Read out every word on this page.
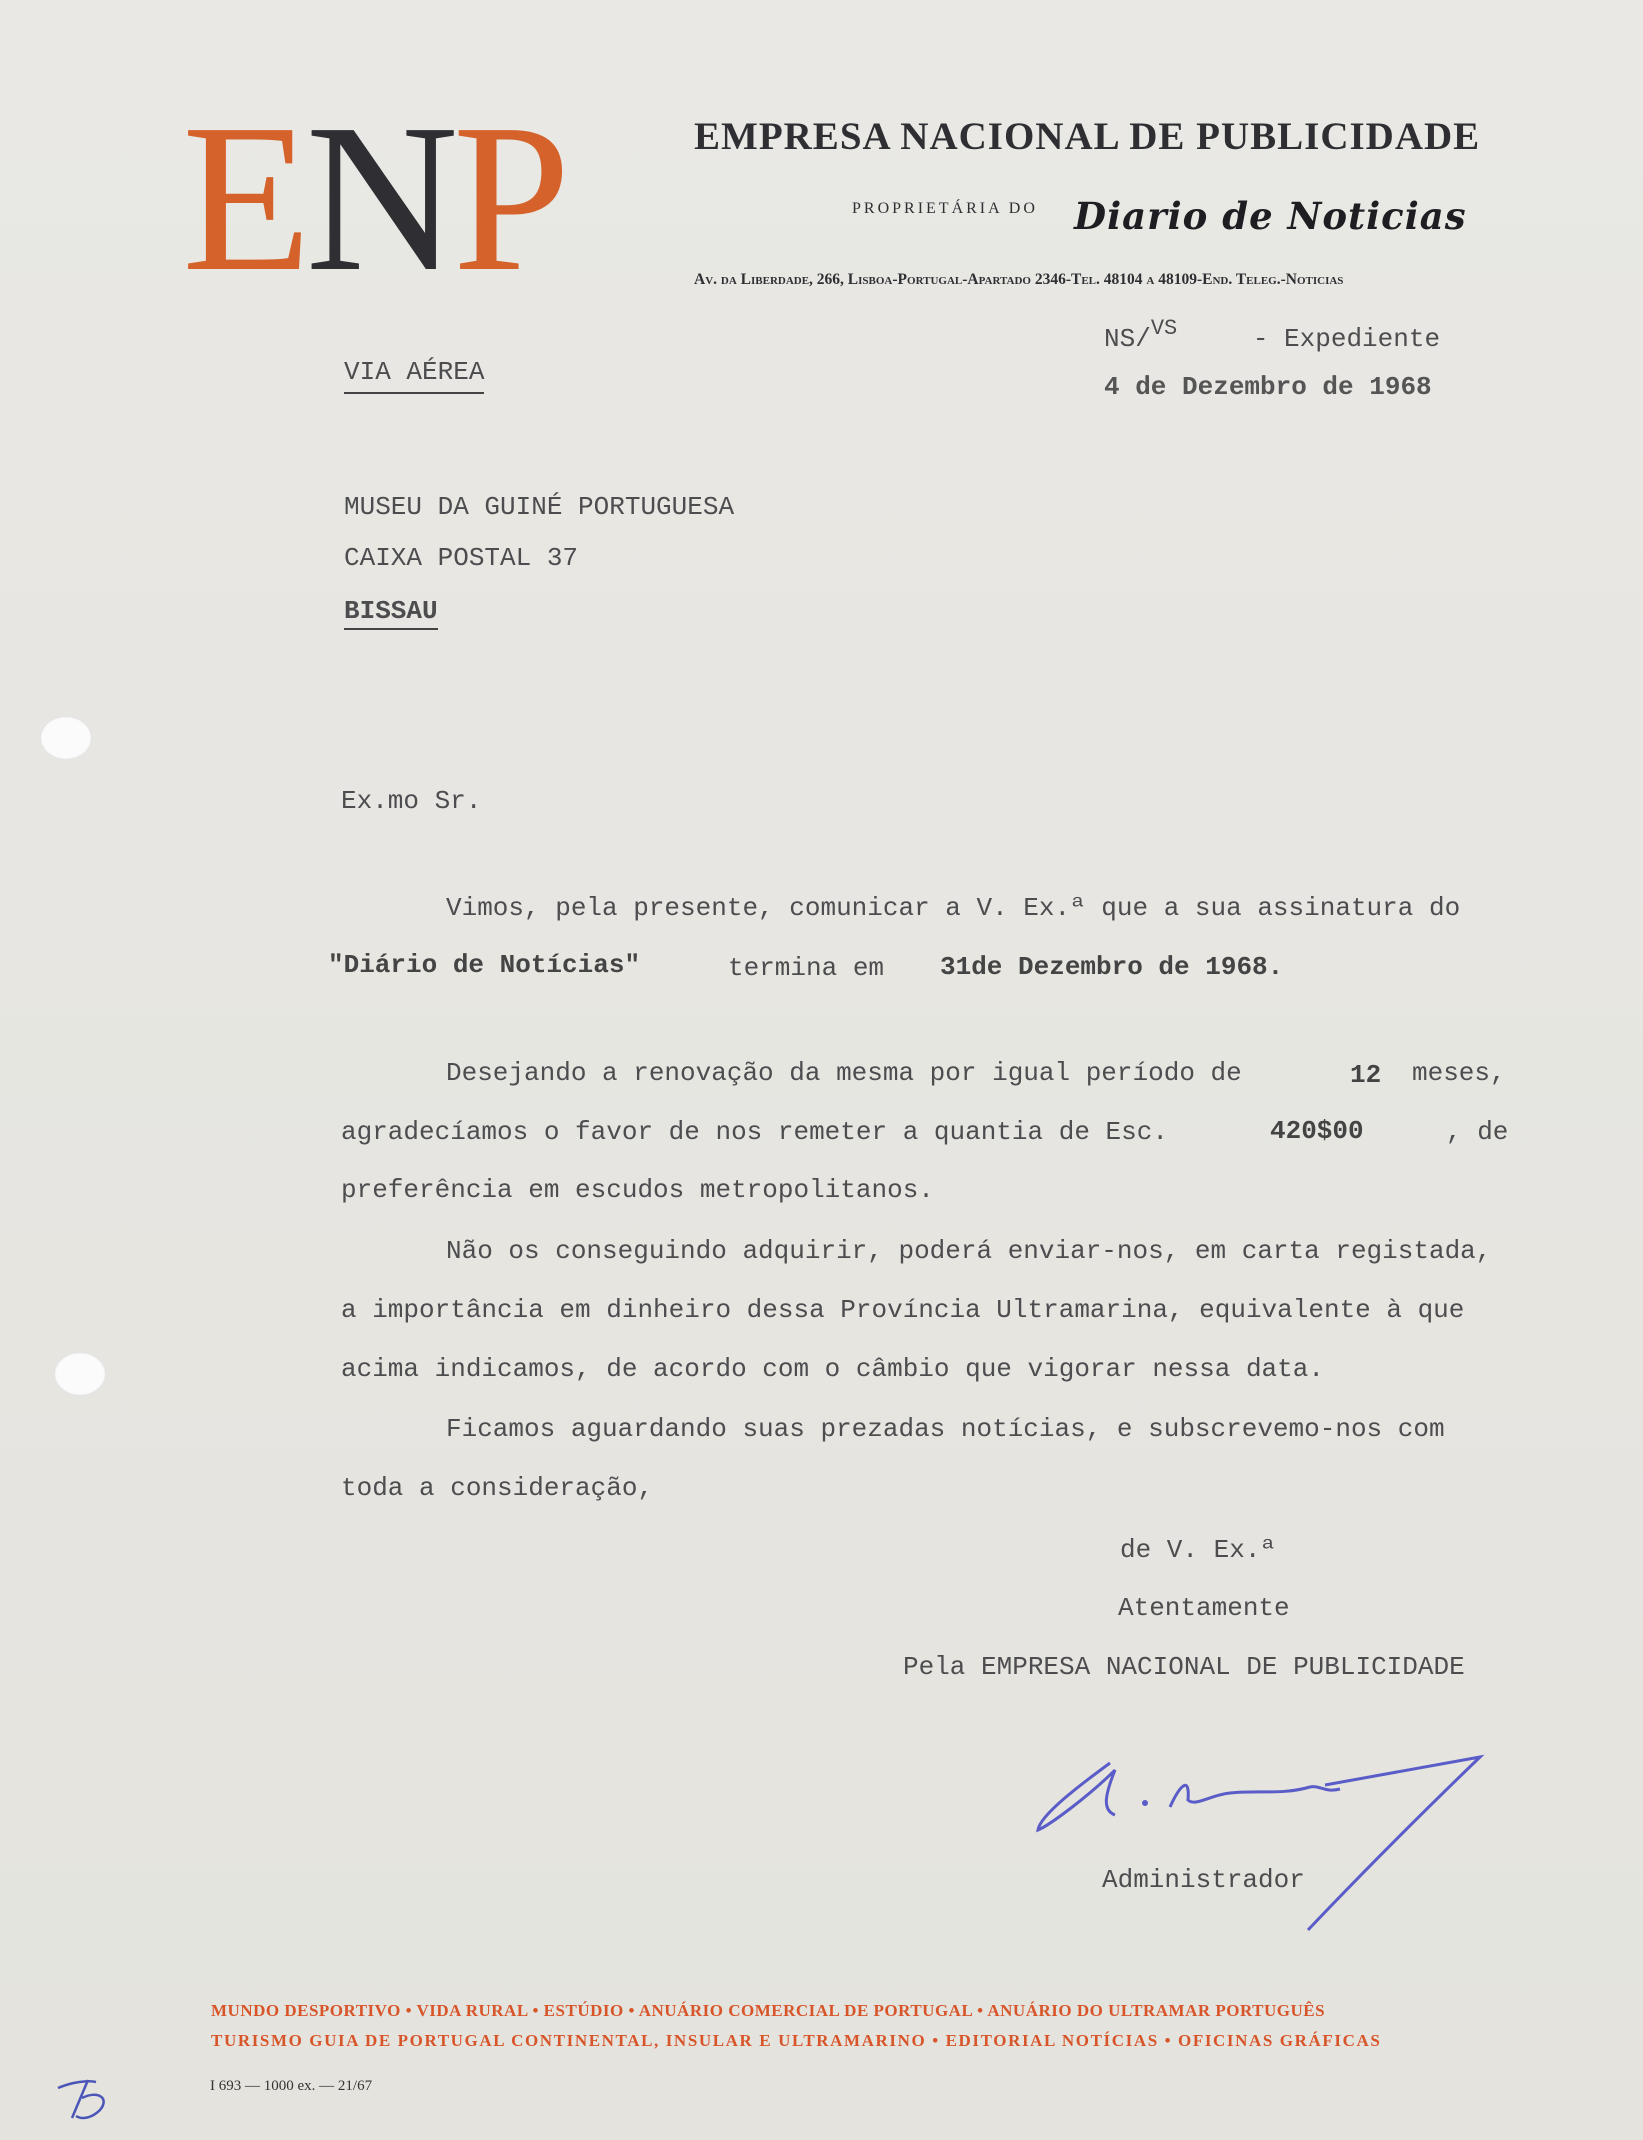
ENP	EMPRESA NACIONAL DE PUBLICIDADE
PROPRIETÁRIA DO Diario de Noticias
Av. da Liberdade, 266, Lisboa-Portugal-Apartado 2346-Tel. 48104 a 48109-End. Teleg.-Noticias
NS/$^{VS}$	- Expediente
4 de Dezembro de 1968
VIA AÉREA
MUSEU DA GUINÉ PORTUGUESA
CAIXA POSTAL 37
BISSAU
Ex.mo Sr.
Vimos, pela presente, comunicar a V. Ex.ª que a sua assinatura do
"Diário de Notícias"	termina em 31de Dezembro de 1968.
Desejando a renovação da mesma por igual período de	12 meses,
agradecíamos o favor de nos remeter a quantia de Esc.	420$00	, de
preferência em escudos metropolitanos.
Não os conseguindo adquirir, poderá enviar-nos, em carta registada,
a importância em dinheiro dessa Província Ultramarina, equivalente à que
acima indicamos, de acordo com o câmbio que vigorar nessa data.
Ficamos aguardando suas prezadas notícias, e subscrevemo-nos com
toda a consideração,
de V. Ex.ª
Atentamente
Pela EMPRESA NACIONAL DE PUBLICIDADE
Administrador
MUNDO DESPORTIVO • VIDA RURAL • ESTÚDIO • ANUÁRIO COMERCIAL DE PORTUGAL • ANUÁRIO DO ULTRAMAR PORTUGUÊS
TURISMO GUIA DE PORTUGAL CONTINENTAL, INSULAR E ULTRAMARINO • EDITORIAL NOTÍCIAS • OFICINAS GRÁFICAS
I 693 — 1000 ex. — 21/67
